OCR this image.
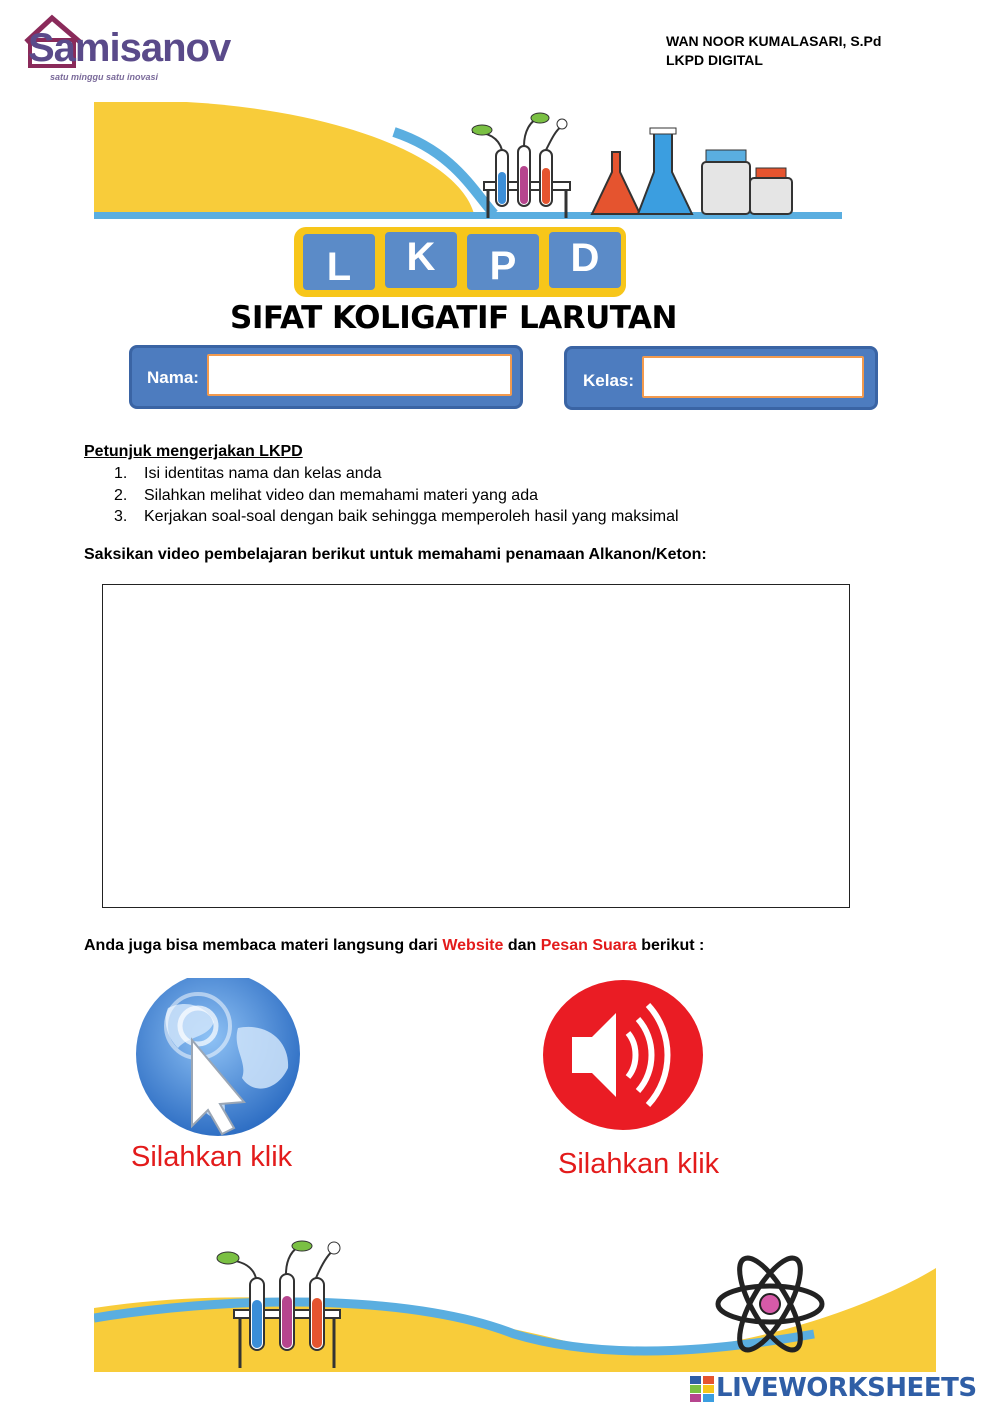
Samisanov
satu minggu satu inovasi
WAN NOOR KUMALASARI, S.Pd
LKPD DIGITAL
L	K	P	D
SIFAT KOLIGATIF LARUTAN
Nama:	Kelas:
Petunjuk mengerjakan LKPD
1. Isi identitas nama dan kelas anda
2. Silahkan melihat video dan memahami materi yang ada
3. Kerjakan soal-soal dengan baik sehingga memperoleh hasil yang maksimal
Saksikan video pembelajaran berikut untuk memahami penamaan Alkanon/Keton:
Anda juga bisa membaca materi langsung dari Website dan Pesan Suara berikut :
Silahkan klik	Silahkan klik
LIVEWORKSHEETS
